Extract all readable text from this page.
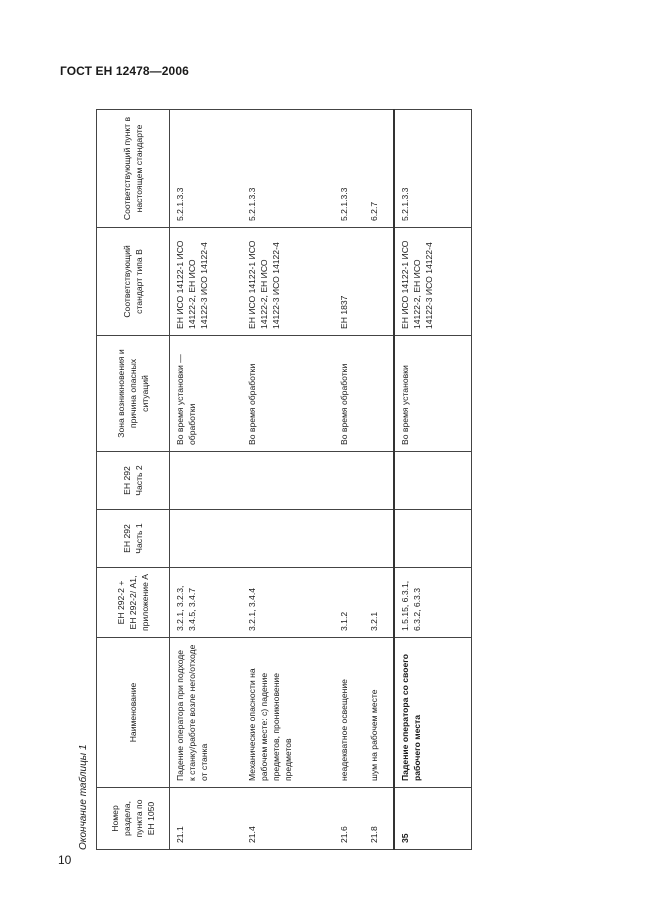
ГОСТ ЕН 12478—2006
Окончание таблицы 1 Номер раздела, пункта по ЕН 1050	Наименование	ЕН 292-2 + ЕН 292-2/ А1, приложение А	ЕН 292 Часть 1	ЕН 292 Часть 2	Зона возникновения и причина опасных ситуаций	Соответствующий стандарт типа В	Соответствующий пункт в настоящем стандарте
21.1	Падение оператора при подходе к станку/работе возле него/отходе от станка	3.2.1, 3.2.3, 3.4.5, 3.4.7			Во время установки — обработки	ЕН ИСО 14122-1 ИСО 14122-2, ЕН ИСО 14122-3 ИСО 14122-4	5.2.1.3.3
21.4	Механические опасности на рабочем месте: с) падение предметов, проникновение предметов	3.2.1, 3.4.4			Во время обработки	ЕН ИСО 14122-1 ИСО 14122-2, ЕН ИСО 14122-3 ИСО 14122-4	5.2.1.3.3
21.6	неадекватное освещение	3.1.2			Во время обработки	ЕН 1837	5.2.1.3.3
21.8	шум на рабочем месте	3.2.1					6.2.7
35	Падение оператора со своего рабочего места	1.5.15, 6.3.1, 6.3.2, 6.3.3			Во время установки	ЕН ИСО 14122-1 ИСО 14122-2, ЕН ИСО 14122-3 ИСО 14122-4	5.2.1.3.3
10
